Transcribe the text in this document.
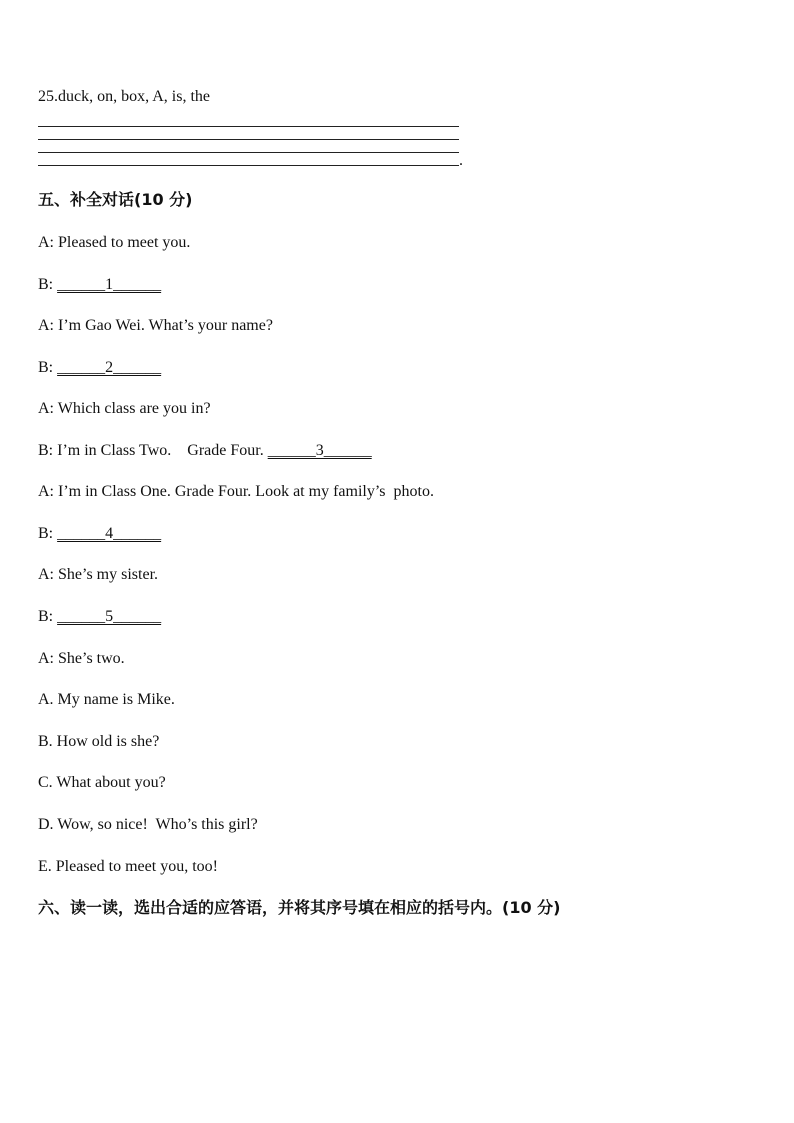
25.duck, on, box, A, is, the
.
五、补全对话(10 分)
A: Pleased to meet you.
B: ______1______
A: I’m Gao Wei. What’s your name?
B: ______2______
A: Which class are you in?
B: I’m in Class Two.    Grade Four. ______3______
A: I’m in Class One. Grade Four. Look at my family’s  photo.
B: ______4______
A: She’s my sister.
B: ______5______
A: She’s two.
A. My name is Mike.
B. How old is she?
C. What about you?
D. Wow, so nice!  Who’s this girl?
E. Pleased to meet you, too!
六、读一读，选出合适的应答语，并将其序号填在相应的括号内。(10 分)
